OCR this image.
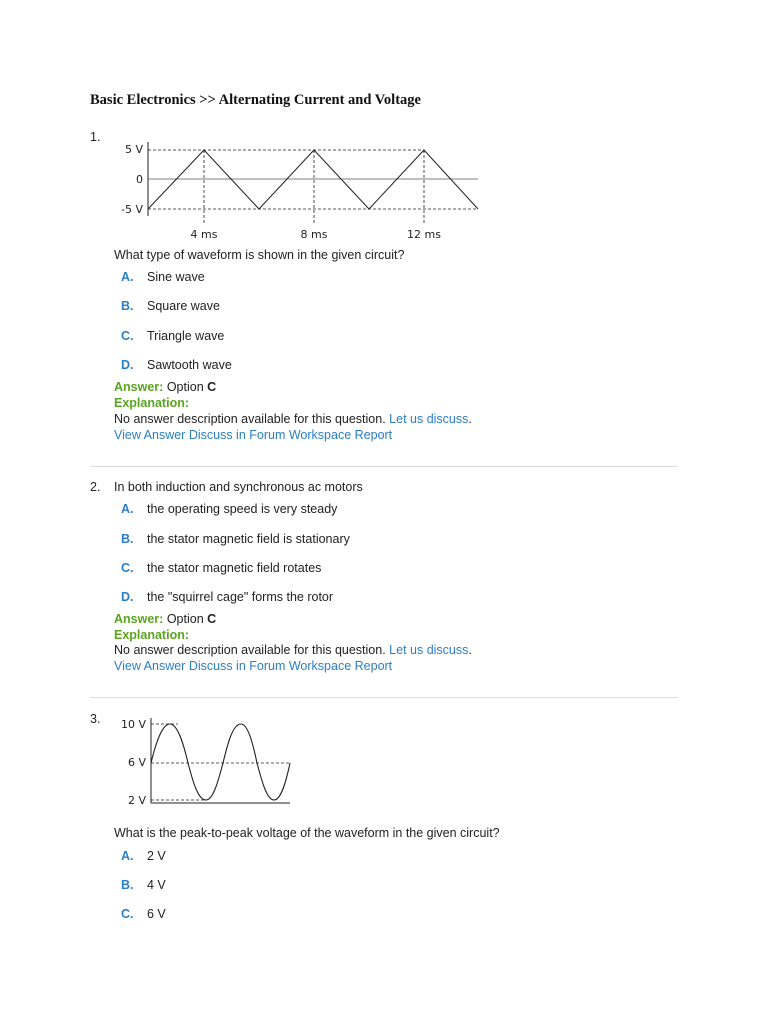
Basic Electronics >> Alternating Current and Voltage
1.
5 V
0
-5 V
4 ms	8 ms	12 ms
What type of waveform is shown in the given circuit?
A. Sine wave
B. Square wave
C. Triangle wave
D. Sawtooth wave
Answer: Option C
Explanation:
No answer description available for this question. Let us discuss.
View Answer Discuss in Forum Workspace Report
2. In both induction and synchronous ac motors
A. the operating speed is very steady
B. the stator magnetic field is stationary
C. the stator magnetic field rotates
D. the "squirrel cage" forms the rotor
Answer: Option C
Explanation:
No answer description available for this question. Let us discuss.
View Answer Discuss in Forum Workspace Report
3. 10 V
6 V
2 V
What is the peak-to-peak voltage of the waveform in the given circuit?
A. 2 V
B. 4 V
C. 6 V
